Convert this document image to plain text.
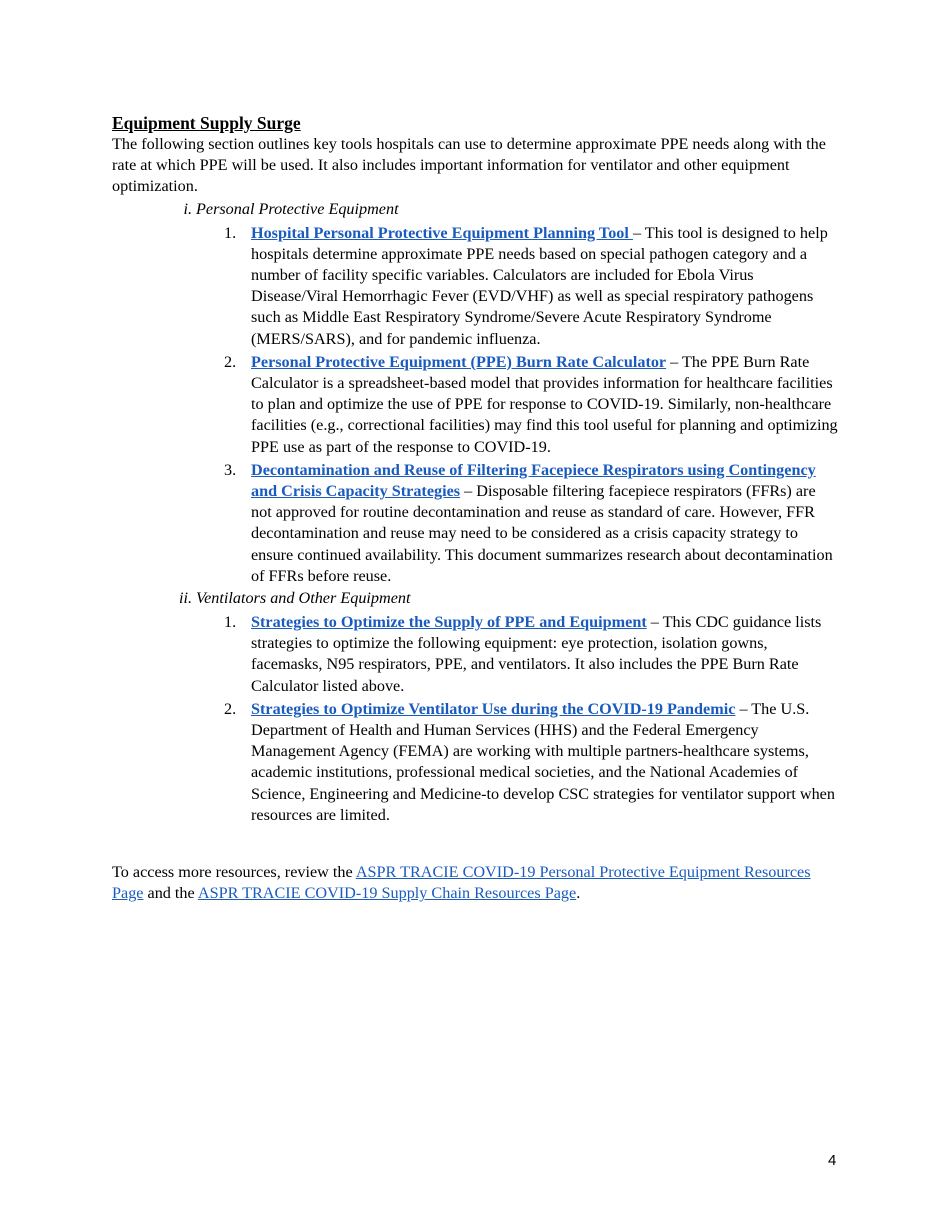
Equipment Supply Surge

The following section outlines key tools hospitals can use to determine approximate PPE needs along with the rate at which PPE will be used. It also includes important information for ventilator and other equipment optimization.

i. Personal Protective Equipment
1. Hospital Personal Protective Equipment Planning Tool – This tool is designed to help hospitals determine approximate PPE needs based on special pathogen category and a number of facility specific variables. Calculators are included for Ebola Virus Disease/Viral Hemorrhagic Fever (EVD/VHF) as well as special respiratory pathogens such as Middle East Respiratory Syndrome/Severe Acute Respiratory Syndrome (MERS/SARS), and for pandemic influenza.
2. Personal Protective Equipment (PPE) Burn Rate Calculator – The PPE Burn Rate Calculator is a spreadsheet-based model that provides information for healthcare facilities to plan and optimize the use of PPE for response to COVID-19. Similarly, non-healthcare facilities (e.g., correctional facilities) may find this tool useful for planning and optimizing PPE use as part of the response to COVID-19.
3. Decontamination and Reuse of Filtering Facepiece Respirators using Contingency and Crisis Capacity Strategies – Disposable filtering facepiece respirators (FFRs) are not approved for routine decontamination and reuse as standard of care. However, FFR decontamination and reuse may need to be considered as a crisis capacity strategy to ensure continued availability. This document summarizes research about decontamination of FFRs before reuse.
ii. Ventilators and Other Equipment
1. Strategies to Optimize the Supply of PPE and Equipment – This CDC guidance lists strategies to optimize the following equipment: eye protection, isolation gowns, facemasks, N95 respirators, PPE, and ventilators. It also includes the PPE Burn Rate Calculator listed above.
2. Strategies to Optimize Ventilator Use during the COVID-19 Pandemic – The U.S. Department of Health and Human Services (HHS) and the Federal Emergency Management Agency (FEMA) are working with multiple partners-healthcare systems, academic institutions, professional medical societies, and the National Academies of Science, Engineering and Medicine-to develop CSC strategies for ventilator support when resources are limited.

To access more resources, review the ASPR TRACIE COVID-19 Personal Protective Equipment Resources Page and the ASPR TRACIE COVID-19 Supply Chain Resources Page.

4
